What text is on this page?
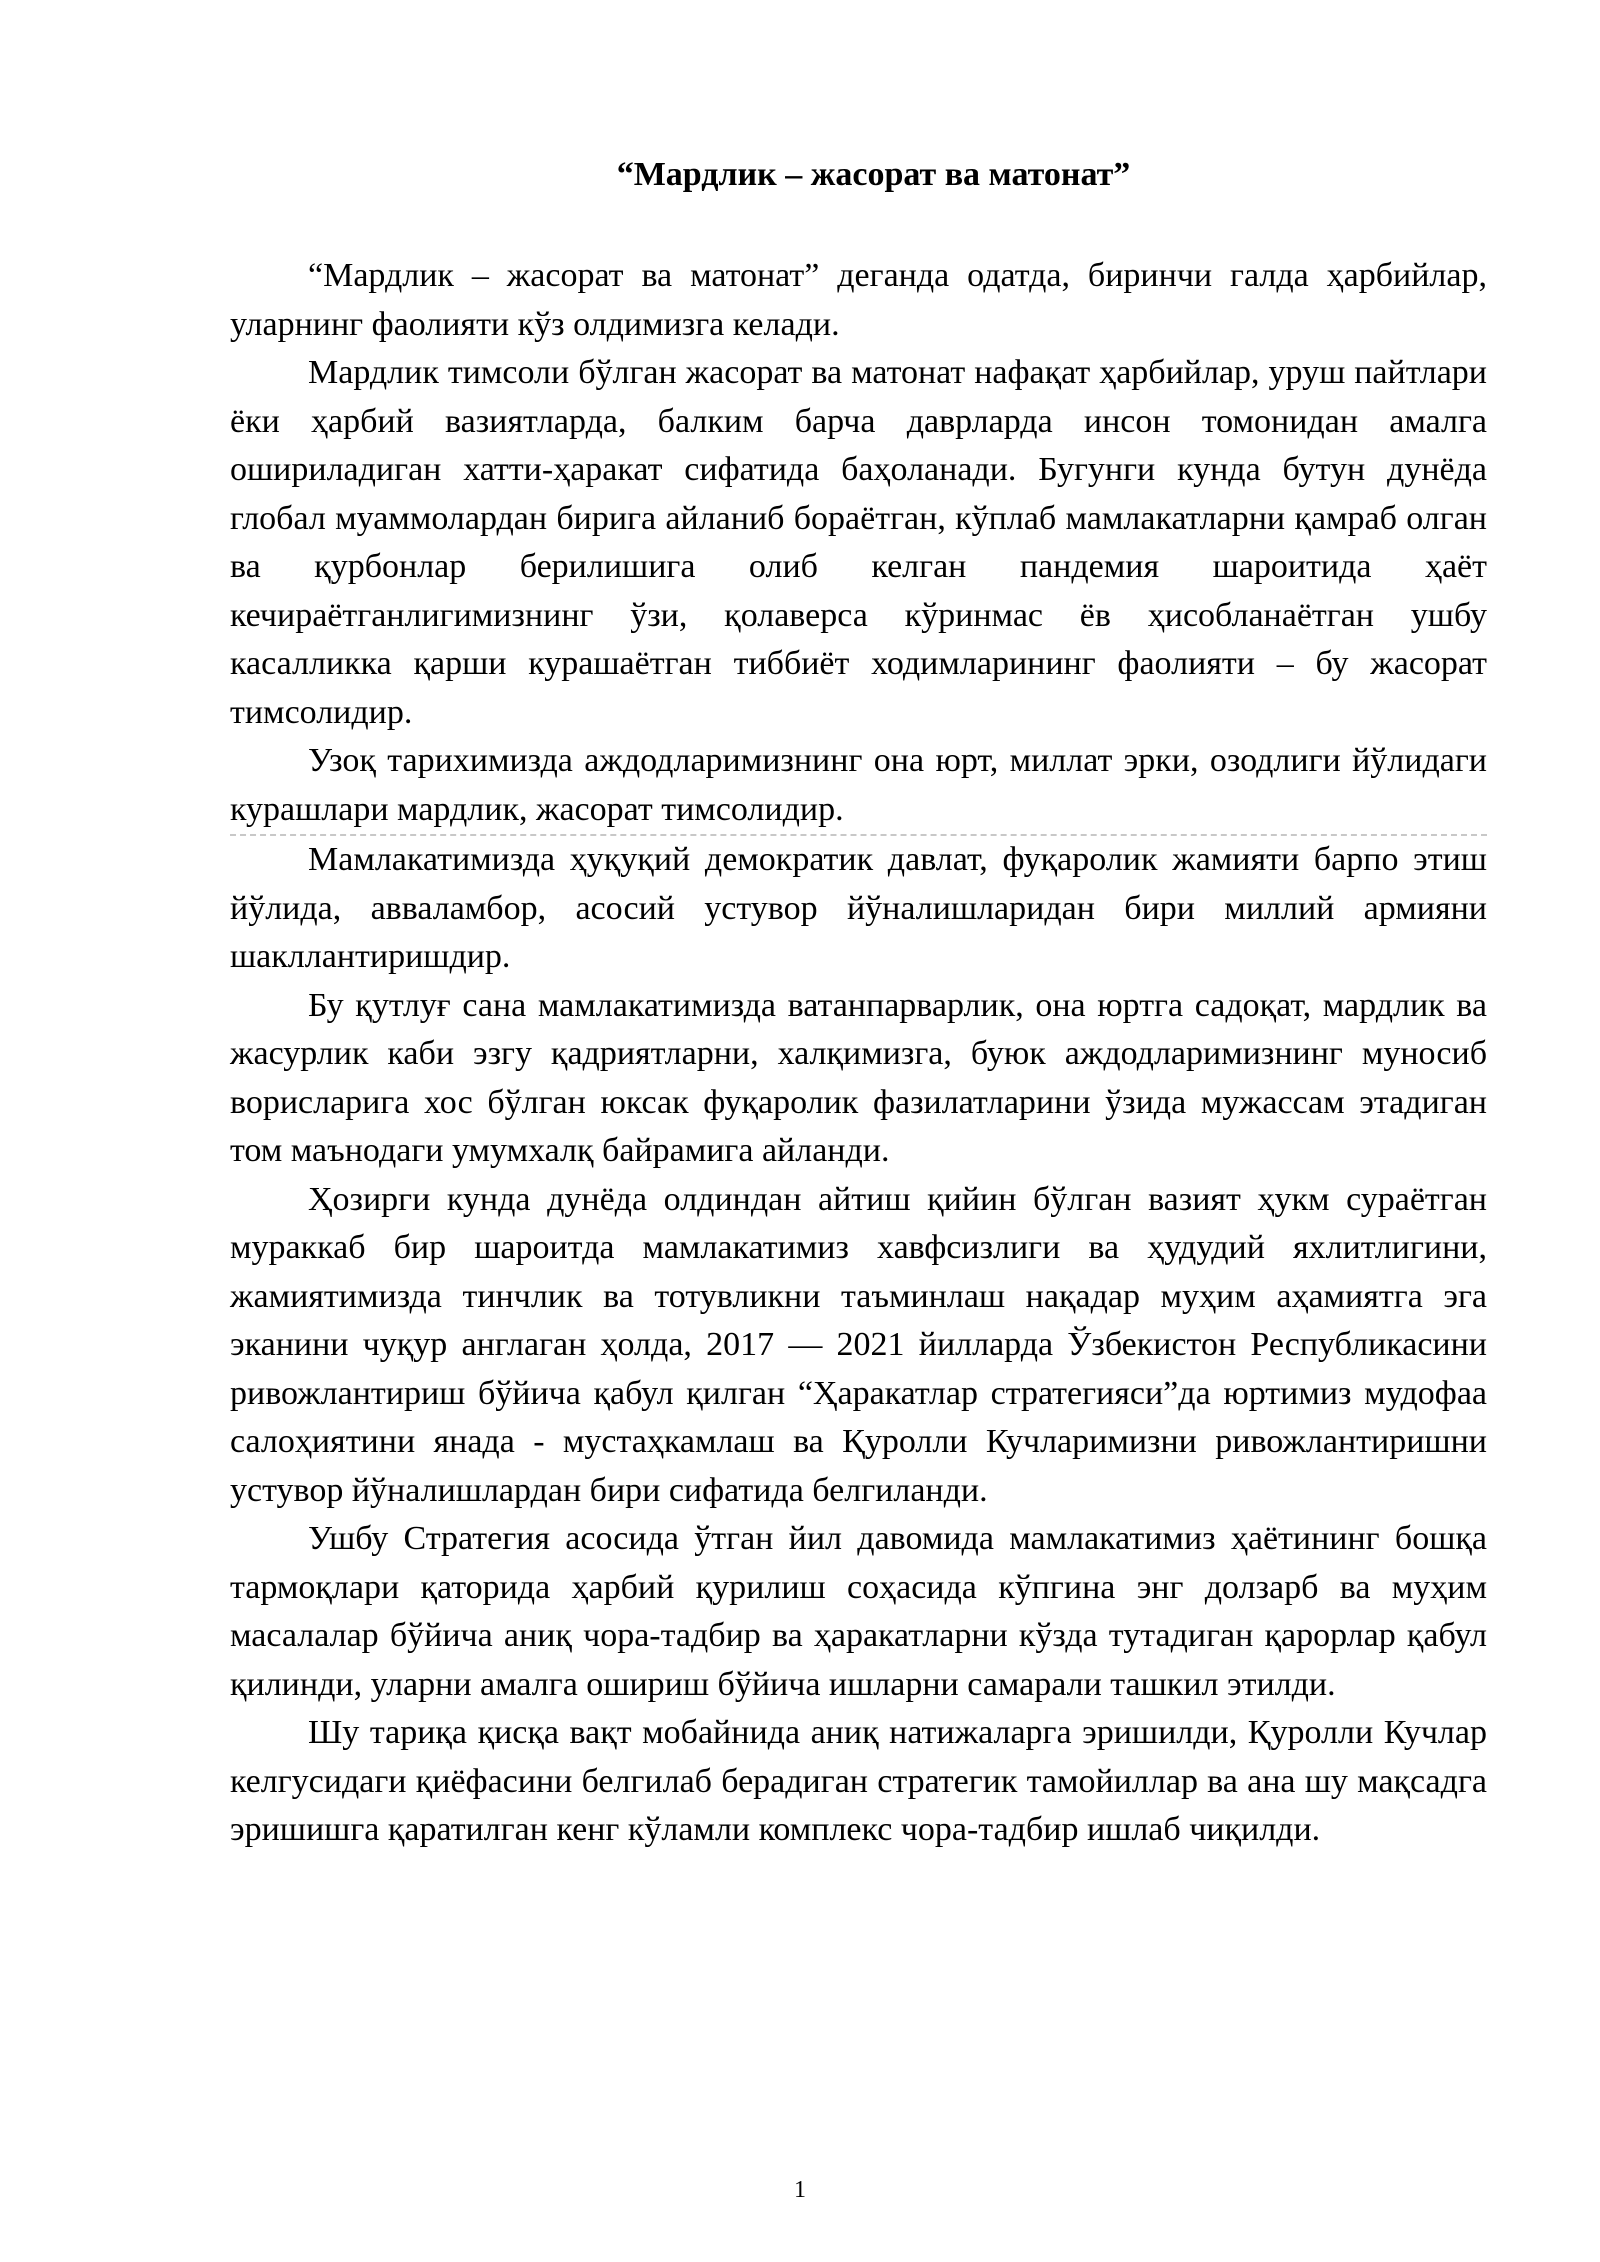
“Мардлик – жасорат ва матонат”

“Мардлик – жасорат ва матонат” деганда одатда, биринчи галда ҳарбийлар, уларнинг фаолияти кўз олдимизга келади.

Мардлик тимсоли бўлган жасорат ва матонат нафақат ҳарбийлар, уруш пайтлари ёки ҳарбий вазиятларда, балким барча даврларда инсон томонидан амалга ошириладиган хатти-ҳаракат сифатида баҳоланади. Бугунги кунда бутун дунёда глобал муаммолардан бирига айланиб бораётган, кўплаб мамлакатларни қамраб олган ва қурбонлар берилишига олиб келган пандемия шароитида ҳаёт кечираётганлигимизнинг ўзи, қолаверса кўринмас ёв ҳисобланаётган ушбу касалликка қарши курашаётган тиббиёт ходимларининг фаолияти – бу жасорат тимсолидир.

Узоқ тарихимизда аждодларимизнинг она юрт, миллат эрки, озодлиги йўлидаги курашлари мардлик, жасорат тимсолидир.

Мамлакатимизда ҳуқуқий демократик давлат, фуқаролик жамияти барпо этиш йўлида, авваламбор, асосий устувор йўналишларидан бири миллий армияни шакллантиришдир.

Бу қутлуғ сана мамлакатимизда ватанпарварлик, она юртга садоқат, мардлик ва жасурлик каби эзгу қадриятларни, халқимизга, буюк аждодларимизнинг муносиб ворисларига хос бўлган юксак фуқаролик фазилатларини ўзида мужассам этадиган том маънодаги умумхалқ байрамига айланди.

Ҳозирги кунда дунёда олдиндан айтиш қийин бўлган вазият ҳукм сураётган мураккаб бир шароитда мамлакатимиз хавфсизлиги ва ҳудудий яхлитлигини, жамиятимизда тинчлик ва тотувликни таъминлаш нақадар муҳим аҳамиятга эга эканини чуқур англаган ҳолда, 2017 — 2021 йилларда Ўзбекистон Республикасини ривожлантириш бўйича қабул қилган “Ҳаракатлар стратегияси”да юртимиз мудофаа салоҳиятини янада - мустаҳкамлаш ва Қуролли Кучларимизни ривожлантиришни устувор йўналишлардан бири сифатида белгиланди.

Ушбу Стратегия асосида ўтган йил давомида мамлакатимиз ҳаётининг бошқа тармоқлари қаторида ҳарбий қурилиш соҳасида кўпгина энг долзарб ва муҳим масалалар бўйича аниқ чора-тадбир ва ҳаракатларни кўзда тутадиган қарорлар қабул қилинди, уларни амалга ошириш бўйича ишларни самарали ташкил этилди.

Шу тариқа қисқа вақт мобайнида аниқ натижаларга эришилди, Қуролли Кучлар келгусидаги қиёфасини белгилаб берадиган стратегик тамойиллар ва ана шу мақсадга эришишга қаратилган кенг кўламли комплекс чора-тадбир ишлаб чиқилди.

1
